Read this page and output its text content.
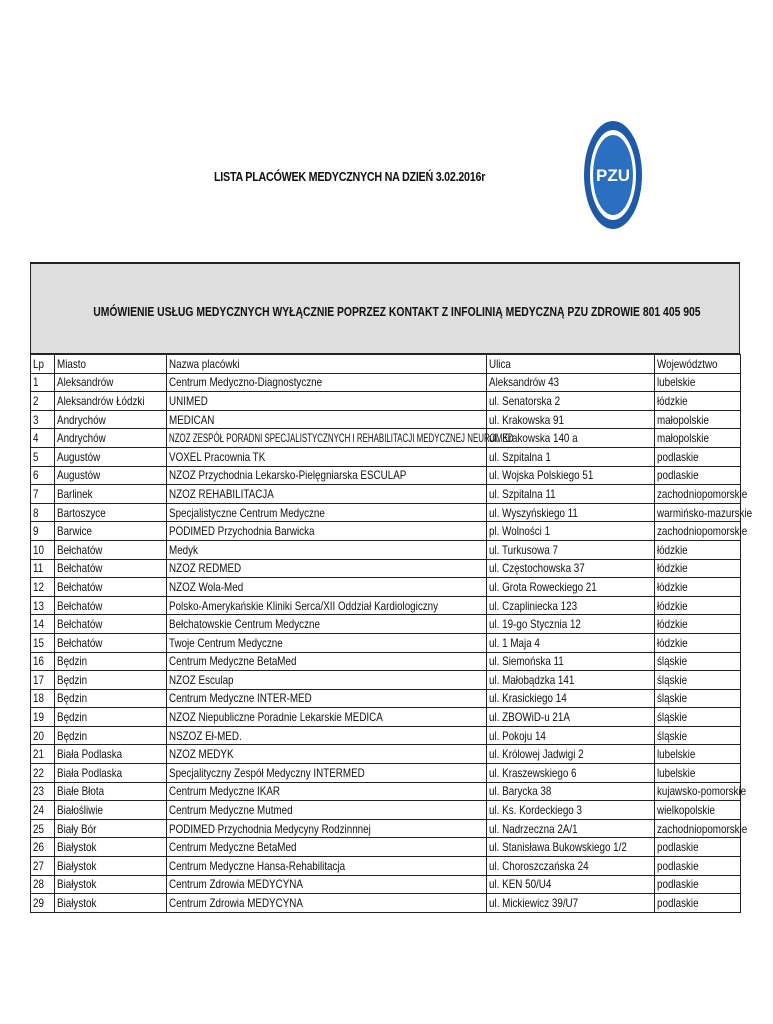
LISTA PLACÓWEK MEDYCZNYCH NA DZIEŃ 3.02.2016r	PZU
UMÓWIENIE USŁUG MEDYCZNYCH WYŁĄCZNIE POPRZEZ KONTAKT Z INFOLINIĄ MEDYCZNĄ PZU ZDROWIE 801 405 905
Lp	Miasto	Nazwa placówki	Ulica	Województwo
1	Aleksandrów	Centrum Medyczno-Diagnostyczne	Aleksandrów 43	lubelskie
2	Aleksandrów Łódzki	UNIMED	ul. Senatorska 2	łódzkie
3	Andrychów	MEDICAN	ul. Krakowska 91	małopolskie
4	Andrychów	NZOZ ZESPÓŁ PORADNI SPECJALISTYCZNYCH I REHABILITACJI MEDYCZNEJ NEUROMED	ul. Krakowska 140 a	małopolskie
5	Augustów	VOXEL Pracownia TK	ul. Szpitalna 1	podlaskie
6	Augustów	NZOZ Przychodnia Lekarsko-Pielęgniarska ESCULAP	ul. Wojska Polskiego 51	podlaskie
7	Barlinek	NZOZ REHABILITACJA	ul. Szpitalna 11	zachodniopomorskie
8	Bartoszyce	Specjalistyczne Centrum Medyczne	ul. Wyszyńskiego 11	warmińsko-mazurskie
9	Barwice	PODIMED Przychodnia Barwicka	pl. Wolności 1	zachodniopomorskie
10	Bełchatów	Medyk	ul. Turkusowa 7	łódzkie
11	Bełchatów	NZOZ REDMED	ul. Częstochowska 37	łódzkie
12	Bełchatów	NZOZ Wola-Med	ul. Grota Roweckiego 21	łódzkie
13	Bełchatów	Polsko-Amerykańskie Kliniki Serca/XII Oddział Kardiologiczny	ul. Czapliniecka 123	łódzkie
14	Bełchatów	Bełchatowskie Centrum Medyczne	ul. 19-go Stycznia 12	łódzkie
15	Bełchatów	Twoje Centrum Medyczne	ul. 1 Maja 4	łódzkie
16	Będzin	Centrum Medyczne BetaMed	ul. Siemońska 11	śląskie
17	Będzin	NZOZ Esculap	ul. Małobądzka 141	śląskie
18	Będzin	Centrum Medyczne INTER-MED	ul. Krasickiego 14	śląskie
19	Będzin	NZOZ Niepubliczne Poradnie Lekarskie MEDICA	ul. ZBOWiD-u 21A	śląskie
20	Będzin	NSZOZ Eł-MED.	ul. Pokoju 14	śląskie
21	Biała Podlaska	NZOZ MEDYK	ul. Królowej Jadwigi 2	lubelskie
22	Biała Podlaska	Specjalityczny Zespół Medyczny INTERMED	ul. Kraszewskiego 6	lubelskie
23	Białe Błota	Centrum Medyczne IKAR	ul. Barycka 38	kujawsko-pomorskie
24	Białośliwie	Centrum Medyczne Mutmed	ul. Ks. Kordeckiego 3	wielkopolskie
25	Biały Bór	PODIMED Przychodnia Medycyny Rodzinnnej	ul. Nadrzeczna 2A/1	zachodniopomorskie
26	Białystok	Centrum Medyczne BetaMed	ul. Stanisława Bukowskiego 1/2	podlaskie
27	Białystok	Centrum Medyczne Hansa-Rehabilitacja	ul. Choroszczańska 24	podlaskie
28	Białystok	Centrum Zdrowia MEDYCYNA	ul. KEN 50/U4	podlaskie
29	Białystok	Centrum Zdrowia MEDYCYNA	ul. Mickiewicz 39/U7	podlaskie
